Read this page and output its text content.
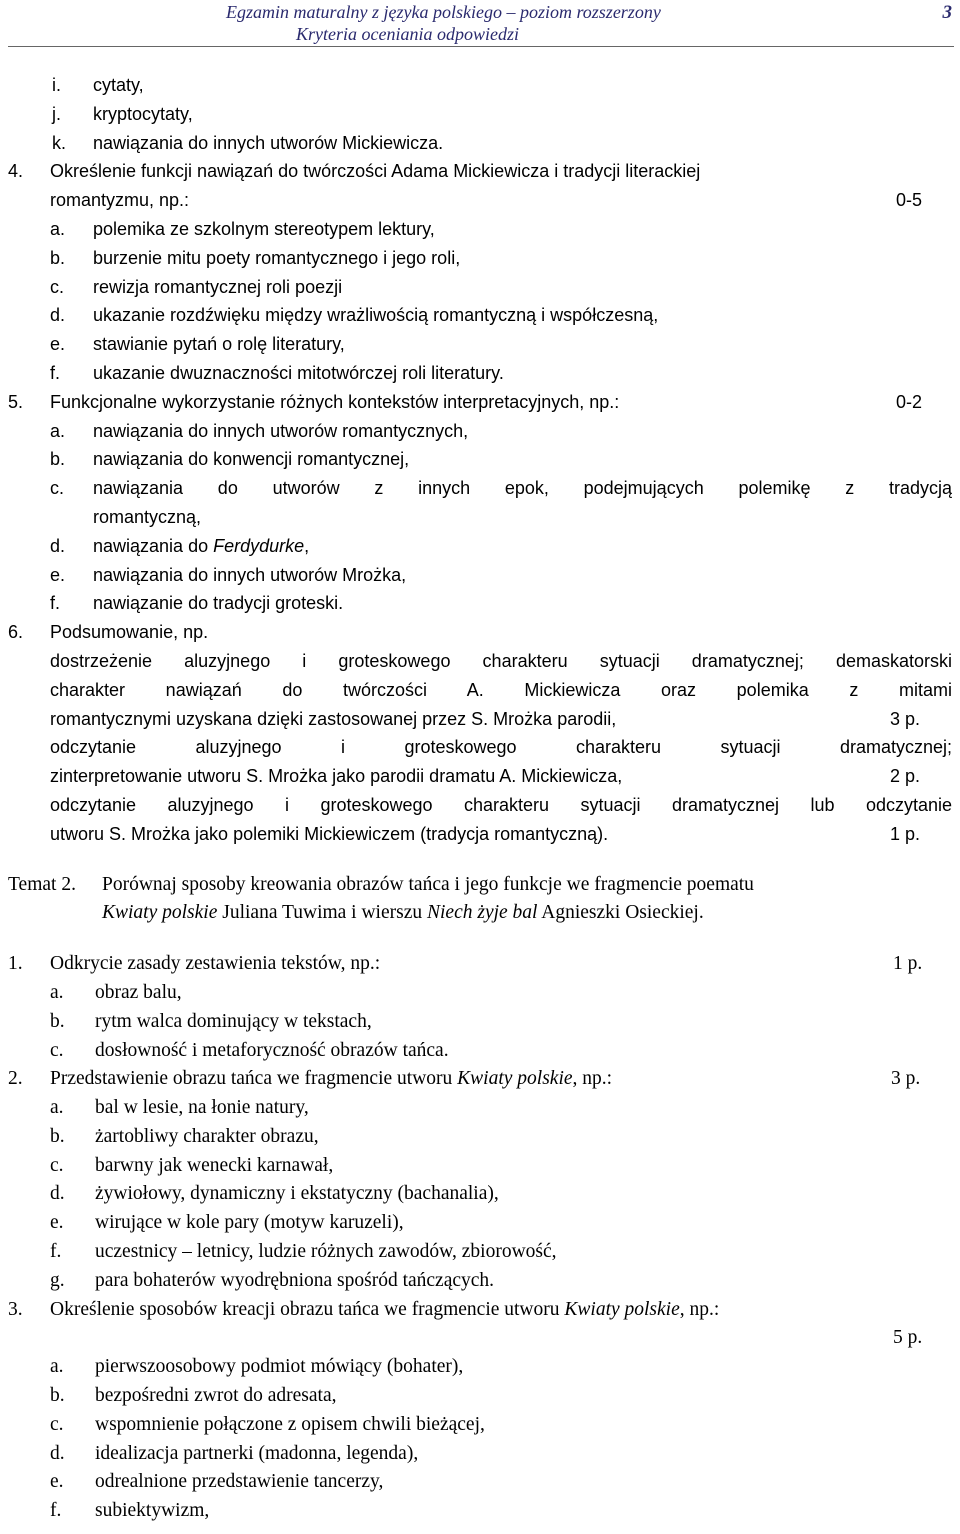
Egzamin maturalny z języka polskiego – poziom rozszerzony
Kryteria oceniania odpowiedzi
3
i. cytaty,
j. kryptocytaty,
k. nawiązania do innych utworów Mickiewicza.
4. Określenie funkcji nawiązań do twórczości Adama Mickiewicza i tradycji literackiej
romantyzmu, np.:	0-5
a. polemika ze szkolnym stereotypem lektury,
b. burzenie mitu poety romantycznego i jego roli,
c. rewizja romantycznej roli poezji
d. ukazanie rozdźwięku między wrażliwością romantyczną i współczesną,
e. stawianie pytań o rolę literatury,
f. ukazanie dwuznaczności mitotwórczej roli literatury.
5. Funkcjonalne wykorzystanie różnych kontekstów interpretacyjnych, np.:	0-2
a. nawiązania do innych utworów romantycznych,
b. nawiązania do konwencji romantycznej,
c. nawiązania do utworów z innych epok, podejmujących polemikę z tradycją
romantyczną,
d. nawiązania do Ferdydurke,
e. nawiązania do innych utworów Mrożka,
f. nawiązanie do tradycji groteski.
6. Podsumowanie, np.
dostrzeżenie aluzyjnego i groteskowego charakteru sytuacji dramatycznej; demaskatorski
charakter nawiązań do twórczości A. Mickiewicza oraz polemika z mitami
romantycznymi uzyskana dzięki zastosowanej przez S. Mrożka parodii,	3 p.
odczytanie aluzyjnego i groteskowego charakteru sytuacji dramatycznej;
zinterpretowanie utworu S. Mrożka jako parodii dramatu A. Mickiewicza,	2 p.
odczytanie aluzyjnego i groteskowego charakteru sytuacji dramatycznej lub odczytanie
utworu S. Mrożka jako polemiki Mickiewiczem (tradycja romantyczną).	1 p.
Temat 2. Porównaj sposoby kreowania obrazów tańca i jego funkcje we fragmencie poematu
Kwiaty polskie Juliana Tuwima i wierszu Niech żyje bal Agnieszki Osieckiej.
1. Odkrycie zasady zestawienia tekstów, np.:	1 p.
a. obraz balu,
b. rytm walca dominujący w tekstach,
c. dosłowność i metaforyczność obrazów tańca.
2. Przedstawienie obrazu tańca we fragmencie utworu Kwiaty polskie, np.:	3 p.
a. bal w lesie, na łonie natury,
b. żartobliwy charakter obrazu,
c. barwny jak wenecki karnawał,
d. żywiołowy, dynamiczny i ekstatyczny (bachanalia),
e. wirujące w kole pary (motyw karuzeli),
f. uczestnicy – letnicy, ludzie różnych zawodów, zbiorowość,
g. para bohaterów wyodrębniona spośród tańczących.
3. Określenie sposobów kreacji obrazu tańca we fragmencie utworu Kwiaty polskie, np.:
5 p.
a. pierwszoosobowy podmiot mówiący (bohater),
b. bezpośredni zwrot do adresata,
c. wspomnienie połączone z opisem chwili bieżącej,
d. idealizacja partnerki (madonna, legenda),
e. odrealnione przedstawienie tancerzy,
f. subiektywizm,
